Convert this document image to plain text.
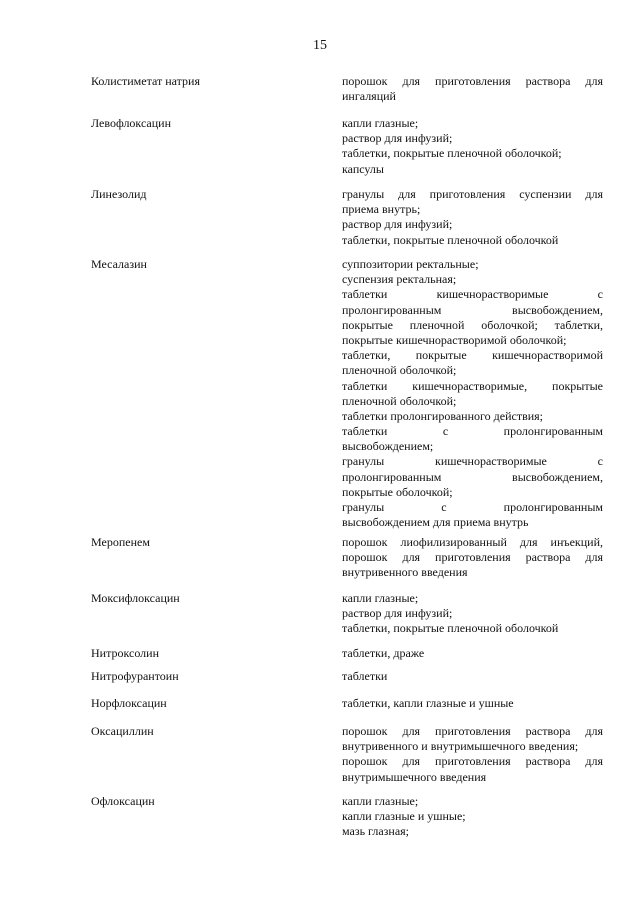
15
Колистиметат натрия	порошок для приготовления раствора для
ингаляций
Левофлоксацин	капли глазные;
раствор для инфузий;
таблетки, покрытые пленочной оболочкой;
капсулы
Линезолид	гранулы для приготовления суспензии для
приема внутрь;
раствор для инфузий;
таблетки, покрытые пленочной оболочкой
Месалазин	суппозитории ректальные;
суспензия ректальная;
таблетки кишечнорастворимые с
пролонгированным высвобождением,
покрытые пленочной оболочкой; таблетки,
покрытые кишечнорастворимой оболочкой;
таблетки, покрытые кишечнорастворимой
пленочной оболочкой;
таблетки кишечнорастворимые, покрытые
пленочной оболочкой;
таблетки пролонгированного действия;
таблетки с пролонгированным
высвобождением;
гранулы кишечнорастворимые с
пролонгированным высвобождением,
покрытые оболочкой;
гранулы с пролонгированным
высвобождением для приема внутрь
Меропенем	порошок лиофилизированный для инъекций,
порошок для приготовления раствора для
внутривенного введения
Моксифлоксацин	капли глазные;
раствор для инфузий;
таблетки, покрытые пленочной оболочкой
Нитроксолин	таблетки, драже
Нитрофурантоин	таблетки
Норфлоксацин	таблетки, капли глазные и ушные
Оксациллин	порошок для приготовления раствора для
внутривенного и внутримышечного введения;
порошок для приготовления раствора для
внутримышечного введения
Офлоксацин	капли глазные;
капли глазные и ушные;
мазь глазная;
